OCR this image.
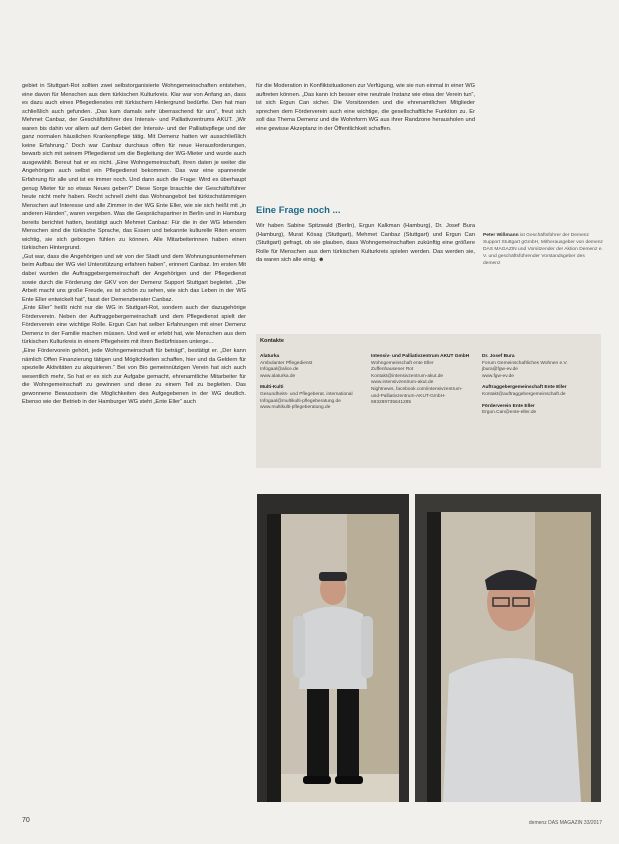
gebiet in Stuttgart-Rot sollten zwei selbstorganisierte Wohngemeinschaften entstehen, eine davon für Menschen aus dem türkischen Kulturkreis. Klar war von Anfang an, dass es dazu auch eines Pflegedienstes mit türkischem Hintergrund bedürfte. Den hat man schließlich auch gefunden. „Das kam damals sehr überraschend für uns“, freut sich Mehmet Canbaz, der Geschäftsführer des Intensiv- und Palliativzentrums AKUT. „Wir waren bis dahin vor allem auf dem Gebiet der Intensiv- und der Palliativpflege und der ganz normalen häuslichen Krankenpflege tätig. Mit Demenz hatten wir ausschließlich keine Erfahrung.“ Doch war Canbaz durchaus offen für neue Herausforderungen, bewarb sich mit seinem Pflegedienst um die Begleitung der WG-Mieter und wurde auch ausgewählt. Bereut hat er es nicht. „Eine Wohngemeinschaft, ihren daten je weiter die Angehörigen auch selbst ein Pflegedienst bekommen. Das war eine spannende Erfahrung für alle und ist es immer noch. Und dann auch die Frage: Wird es überhaupt genug Mieter für so etwas Neues geben?“ Diese Sorge brauchte der Geschäftsführer heute nicht mehr haben. Recht schnell zieht das Wohnangebot bei türkischstämmigen Menschen auf Interesse und alle Zimmer in der WG Ente Eller, wie sie sich heißt mit „in anderen Händen“, waren vergeben. Was die Gesprächspartner in Berlin und in Hamburg bereits berichtet hatten, bestätigt auch Mehmet Canbaz: Für die in der WG lebenden Menschen sind die türkische Sprache, das Essen und bekannte kulturelle Riten enorm wichtig, sie sich geborgen fühlen zu können. Alle Mitarbeiterinnen haben einen türkischen Hintergrund.

„Gut war, dass die Angehörigen und wir von der Stadt und dem Wohnungsunternehmen beim Aufbau der WG viel Unterstützung erfahren haben“, erinnert Canbaz. Im ersten Mit dabei wurden die Auftraggebergemeinschaft der Angehörigen und der Pflegedienst sowie durch die Förderung der GKV von der Demenz Support Stuttgart begleitet. „Die Arbeit macht uns große Freude, es ist schön zu sehen, wie sich das Leben in der WG Ente Eller entwickelt hat“, fasst der Demenzberater Canbaz.

„Ente Eller“ heißt nicht nur die WG in Stuttgart-Rot, sondern auch der dazugehörige Förderverein. Neben der Auftraggebergemeinschaft und dem Pflegedienst spielt der Förderverein eine wichtige Rolle. Ergun Can hat selber Erfahrungen mit einer Demenz Demenz in der Familie machen müssen. Und weil er erlebt hat, wie Menschen aus dem türkischen Kulturkreis in einem Pflegeheim mit ihren Bedürfnissen unterge...

„Eine Fördervorein gehört, jede Wohngemeinschaft für beträgt“, bestätigt er. „Der kann nämlich Offen Finanzierung tätigen und Möglichkeiten schaffen, hier und da Geldern für spezielle Aktivitäten zu akquirieren.“ Bei von Bio gemeinnützigen Verein hat sich auch wesentlich mehr, So hat er es sich zur Aufgabe gemacht, ehrenamtliche Mitarbeiter für die Wohngemeinschaft zu gewinnen und diese zu einem Teil zu begleiten. Das gewonnene Bewusstsein die Möglichkeiten des Aufgegebenen in der WG deutlich. Ebenso wie der Betrieb in der Hamburger WG steht „Ente Eller“ auch

für die Moderation in Konfliktsituationen zur Verfügung, wie sie nun einmal in einer WG auftreten können. „Das kann ich besser eine neutrale Instanz wie etwa der Verein tun“, ist sich Ergun Can sicher. Die Vorsitzenden und die ehrenamtlichen Mitglieder sprechen dem Förderverein auch eine wichtige, die gesellschaftliche Funktion zu. Er soll das Thema Demenz und die Wohnform WG aus ihrer Randzone herausholen und eine gewisse Akzeptanz in der Öffentlichkeit schaffen.

Eine Frage noch ...
Wir haben Sabine Spitzwald (Berlin), Ergun Kalkman (Hamburg), Dr. Josef Bura (Hamburg), Murat Kösaş (Stuttgart), Mehmet Canbaz (Stuttgart) und Ergun Can (Stuttgart) gefragt, ob sie glauben, dass Wohngemeinschaften zukünftig eine größere Rolle für Menschen aus dem türkischen Kulturkreis spielen werden. Das werden sie, da waren sich alle einig. ☻
Peter Wißmann ist Geschäftsführer der Demenz Support Stuttgart gGmbH, Mitherausgeber von demenz DAS MAGAZIN und Vorsitzender der Aktion Demenz e. V. und geschäftsführender Vorstandsgeber des demenz
Kontakte
Alaturka
Ambulanter Pflegedienst
Infogaal@alice.de
www.alaturka.de
Multi-Kulti
Gesundheits- und Pflegeberat. international
Infogaal@multikulti-pflegeberatung.de
www.multikulti-pflegeberatung.de
Intensiv- und Palliativzentrum AKUT GmbH
Wohngemeinschaft ente Eller
Zuffenhausener Rot
Kontakt@intensivzentrum-akut.de
www.intensivzentrum-akut.de
Nightnews, facebook.com/intensivzentrum-und-Palliativzentrum-AKUT-GmbH-693289735641285
Dr. Josef Bura
Forum Gemeinschaftliches Wohnen e.V.
jbura@fgw-ev.de
www.fgw-ev.de
Auftraggebergemeinschaft Ente Eller
Kontakt@auftraggebergemeinschaft.de
Förderverein Ente Eller
Ergun.Can@ente-eller.de
70	demenz DAS MAGAZIN 33/2017
